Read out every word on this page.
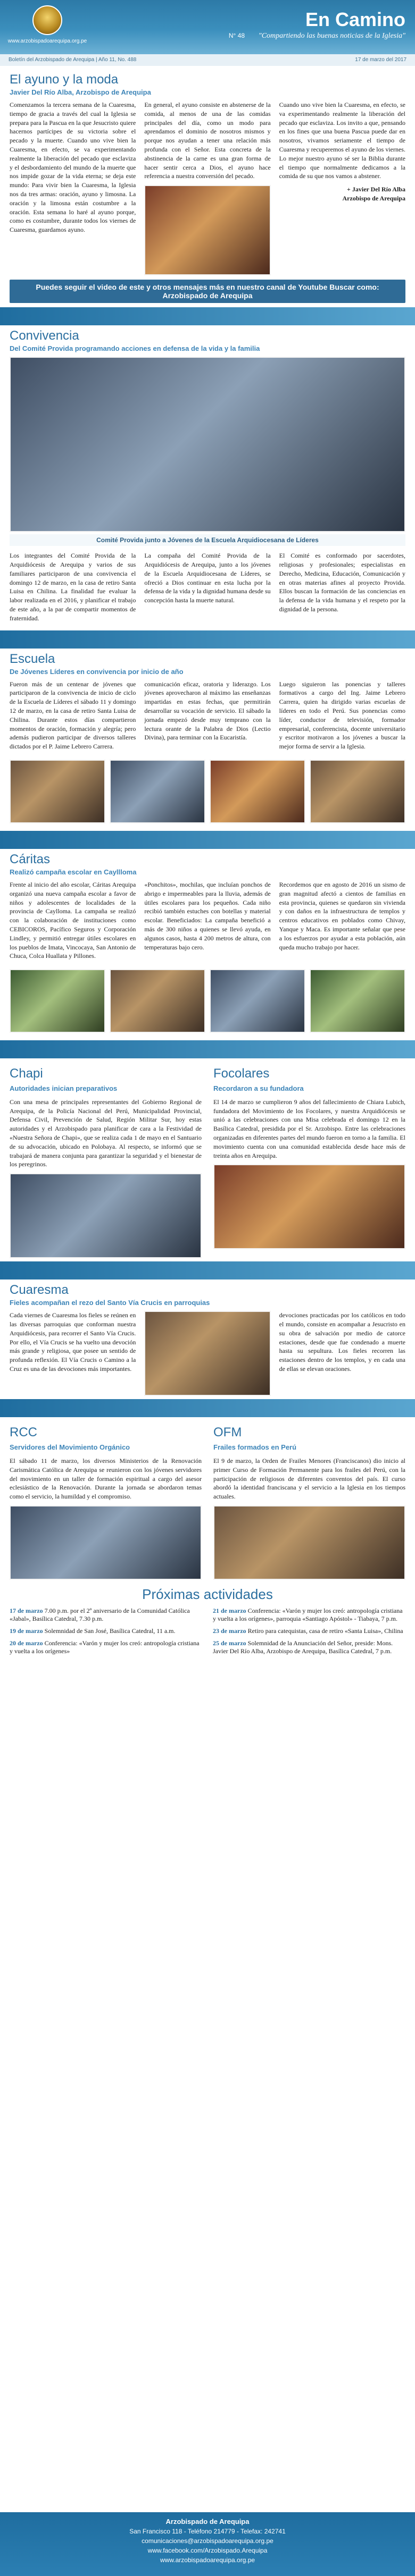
www.arzobispadoarequipa.org.pe
N° 48
En Camino
"Compartiendo las buenas noticias de la Iglesia"
Boletín del Arzobispado de Arequipa | Año 11, No. 488	17 de marzo del 2017
El ayuno y la moda
Javier Del Río Alba, Arzobispo de Arequipa

Comenzamos la tercera semana de la Cuaresma, tiempo de gracia a través del cual la Iglesia se prepara para la Pascua en la que Jesucristo quiere hacernos partícipes de su victoria sobre el pecado y la muerte. Cuando uno vive bien la Cuaresma, en efecto, se va experimentando realmente la liberación del pecado que esclaviza y el desbordamiento del mundo de la muerte que nos impide gozar de la vida eterna; se deja este mundo: Para vivir bien la Cuaresma, la Iglesia nos da tres armas: oración, ayuno y limosna. La oración y la limosna están costumbre a la oración. Esta semana lo haré al ayuno porque, como es costumbre, durante todos los viernes de Cuaresma, guardamos ayuno.

En general, el ayuno consiste en abstenerse de la comida, al menos de una de las comidas principales del día, como un modo para aprendamos el dominio de nosotros mismos y porque nos ayudan a tener una relación más profunda con el Señor. Esta concreta de la abstinencia de la carne es una gran forma de hacer sentir cerca a Dios, el ayuno hace referencia a nuestra conversión del pecado.

Cuando uno vive bien la Cuaresma, en efecto, se va experimentando realmente la liberación del pecado que esclaviza. Los invito a que, pensando en los fines que una buena Pascua puede dar en nosotros, vivamos seriamente el tiempo de Cuaresma y recuperemos el ayuno de los viernes. Lo mejor nuestro ayuno sé ser la Biblia durante el tiempo que normalmente dedicamos a la comida de su que nos vamos a abstener.

+ Javier Del Río Alba
Arzobispo de Arequipa
Puedes seguir el video de este y otros mensajes más en nuestro canal de Youtube Buscar como: Arzobispado de Arequipa
Convivencia
Del Comité Provida programando acciones en defensa de la vida y la familia
Comité Provida junto a Jóvenes de la Escuela Arquidiocesana de Líderes

Los integrantes del Comité Provida de la Arquidiócesis de Arequipa y varios de sus familiares participaron de una convivencia el domingo 12 de marzo, en la casa de retiro Santa Luisa en Chilina. La finalidad fue evaluar la labor realizada en el 2016, y planificar el trabajo de este año, a la par de compartir momentos de fraternidad.

La compaña del Comité Provida de la Arquidiócesis de Arequipa, junto a los jóvenes de la Escuela Arquidiocesana de Líderes, se ofreció a Dios continuar en esta lucha por la defensa de la vida y la dignidad humana desde su concepción hasta la muerte natural.

El Comité es conformado por sacerdotes, religiosas y profesionales; especialistas en Derecho, Medicina, Educación, Comunicación y en otras materias afines al proyecto Provida. Ellos buscan la formación de las conciencias en la defensa de la vida humana y el respeto por la dignidad de la persona.

Escuela
De Jóvenes Líderes en convivencia por inicio de año

Fueron más de un centenar de jóvenes que participaron de la convivencia de inicio de ciclo de la Escuela de Líderes el sábado 11 y domingo 12 de marzo, en la casa de retiro Santa Luisa de Chilina. Durante estos días compartieron momentos de oración, formación y alegría; pero además pudieron participar de diversos talleres dictados por el P. Jaime Lebrero Carrera.

comunicación eficaz, oratoria y liderazgo. Los jóvenes aprovecharon al máximo las enseñanzas impartidas en estas fechas, que permitirán desarrollar su vocación de servicio. El sábado la jornada empezó desde muy temprano con la lectura orante de la Palabra de Dios (Lectio Divina), para terminar con la Eucaristía.

Luego siguieron las ponencias y talleres formativos a cargo del Ing. Jaime Lebrero Carrera, quien ha dirigido varias escuelas de líderes en todo el Perú. Sus ponencias como líder, conductor de televisión, formador empresarial, conferencista, docente universitario y escritor motivaron a los jóvenes a buscar la mejor forma de servir a la Iglesia.

Cáritas
Realizó campaña escolar en Cayllloma

Frente al inicio del año escolar, Cáritas Arequipa organizó una nueva campaña escolar a favor de niños y adolescentes de localidades de la provincia de Caylloma. La campaña se realizó con la colaboración de instituciones como CEBICOROS, Pacífico Seguros y Corporación Lindley, y permitió entregar útiles escolares en los pueblos de Imata, Vincocaya, San Antonio de Chuca, Colca Huallata y Pillones.

«Ponchitos», mochilas, que incluían ponchos de abrigo e impermeables para la lluvia, además de útiles escolares para los pequeños. Cada niño recibió también estuches con botellas y material escolar. Beneficiados: La campaña benefició a más de 300 niños a quienes se llevó ayuda, en algunos casos, hasta 4 200 metros de altura, con temperaturas bajo cero.

Recordemos que en agosto de 2016 un sismo de gran magnitud afectó a cientos de familias en esta provincia, quienes se quedaron sin vivienda y con daños en la infraestructura de templos y centros educativos en poblados como Chivay, Yanque y Maca. Es importante señalar que pese a los esfuerzos por ayudar a esta población, aún queda mucho trabajo por hacer.

Chapi
Autoridades inician preparativos

Con una mesa de principales representantes del Gobierno Regional de Arequipa, de la Policía Nacional del Perú, Municipalidad Provincial, Defensa Civil, Prevención de Salud, Región Militar Sur, hoy estas autoridades y el Arzobispado para planificar de cara a la Festividad de «Nuestra Señora de Chapi», que se realiza cada 1 de mayo en el Santuario de su advocación, ubicado en Polobaya. Al respecto, se informó que se trabajará de manera conjunta para garantizar la seguridad y el bienestar de los peregrinos.

Focolares
Recordaron a su fundadora

El 14 de marzo se cumplieron 9 años del fallecimiento de Chiara Lubich, fundadora del Movimiento de los Focolares, y nuestra Arquidiócesis se unió a las celebraciones con una Misa celebrada el domingo 12 en la Basílica Catedral, presidida por el Sr. Arzobispo. Entre las celebraciones organizadas en diferentes partes del mundo fueron en torno a la familia. El movimiento cuenta con una comunidad establecida desde hace más de treinta años en Arequipa.

Cuaresma
Fieles acompañan el rezo del Santo Vía Crucis en parroquias

Cada viernes de Cuaresma los fieles se reúnen en las diversas parroquias que conforman nuestra Arquidiócesis, para recorrer el Santo Vía Crucis. Por ello, el Vía Crucis se ha vuelto una devoción más grande y religiosa, que posee un sentido de profunda reflexión. El Vía Crucis o Camino a la Cruz es una de las devociones más importantes.

devociones practicadas por los católicos en todo el mundo, consiste en acompañar a Jesucristo en su obra de salvación por medio de catorce estaciones, desde que fue condenado a muerte hasta su sepultura. Los fieles recorren las estaciones dentro de los templos, y en cada una de ellas se elevan oraciones.

RCC
Servidores del Movimiento Orgánico

El sábado 11 de marzo, los diversos Ministerios de la Renovación Carismática Católica de Arequipa se reunieron con los jóvenes servidores del movimiento en un taller de formación espiritual a cargo del asesor eclesiástico de la Renovación. Durante la jornada se abordaron temas como el servicio, la humildad y el compromiso.

OFM
Frailes formados en Perú

El 9 de marzo, la Orden de Frailes Menores (Franciscanos) dio inicio al primer Curso de Formación Permanente para los frailes del Perú, con la participación de religiosos de diferentes conventos del país. El curso abordó la identidad franciscana y el servicio a la Iglesia en los tiempos actuales.

Próximas actividades
17 de marzo 7.00 p.m. por el 2º aniversario de la Comunidad Católica «Jabal», Basílica Catedral, 7.30 p.m.
21 de marzo Conferencia: «Varón y mujer los creó: antropología cristiana y vuelta a los orígenes», parroquia «Santiago Apóstol» - Tiabaya, 7 p.m.
19 de marzo Solemnidad de San José, Basílica Catedral, 11 a.m.	23 de marzo Retiro para catequistas, casa de retiro «Santa Luisa», Chilina
20 de marzo Conferencia: «Varón y mujer los creó: antropología cristiana y vuelta a los orígenes»
25 de marzo Solemnidad de la Anunciación del Señor, preside: Mons. Javier Del Río Alba, Arzobispo de Arequipa, Basílica Catedral, 7 p.m.
Arzobispado de Arequipa
San Francisco 118 - Teléfono 214779 - Telefax: 242741
comunicaciones@arzobispadoarequipa.org.pe
www.facebook.com/Arzobispado.Arequipa
www.arzobispadoarequipa.org.pe
